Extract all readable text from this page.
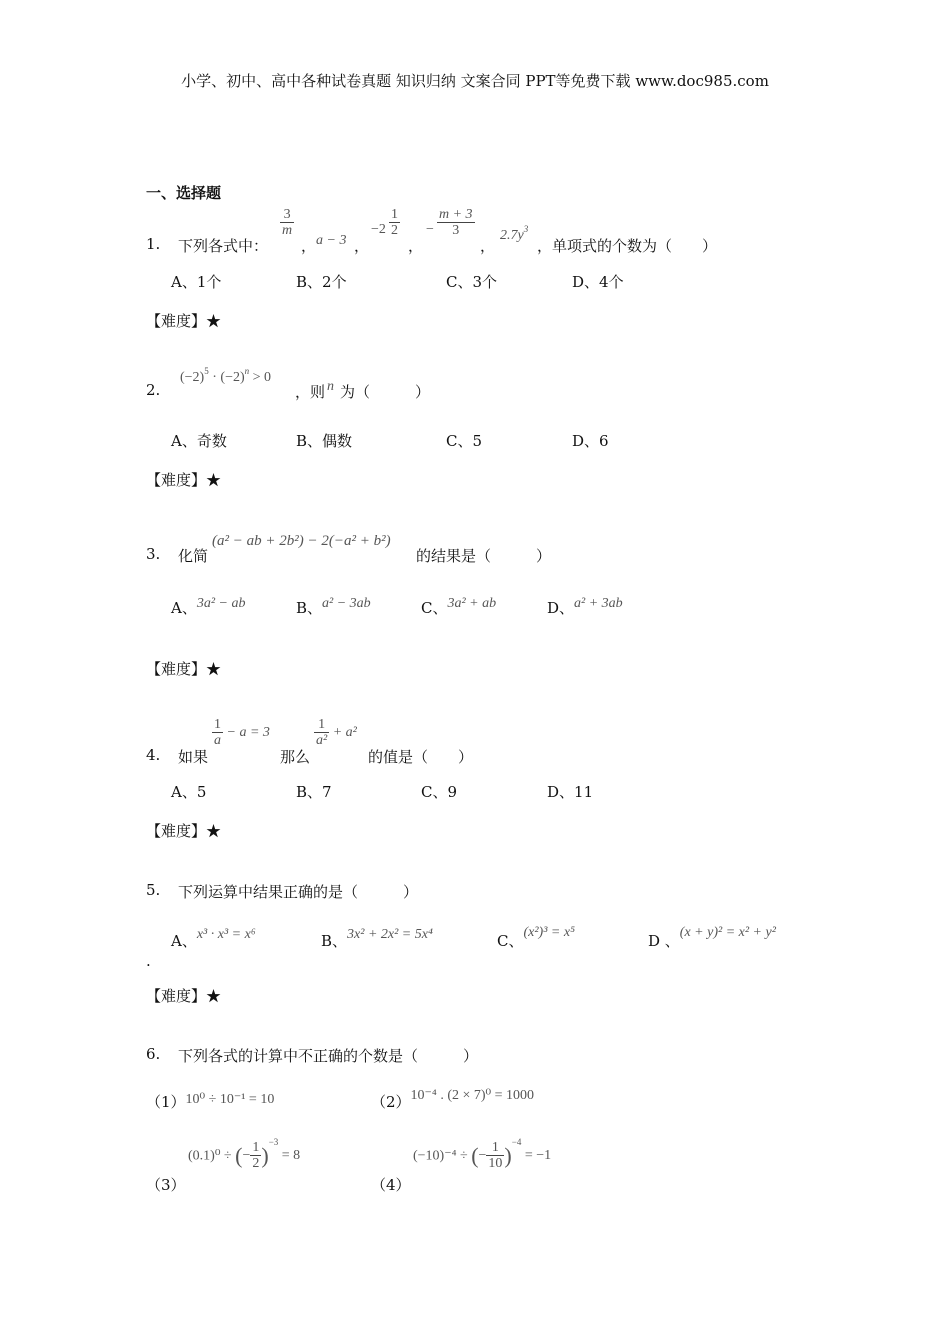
小学、初中、高中各种试卷真题 知识归纳 文案合同 PPT等免费下载 www.doc985.com
一、选择题
1. 下列各式中：
$\frac{3}{m}$
， a − 3 ，
$-2 \frac{1}{2}$
，
− $\frac{m + 3}{3}$
，
$2.7y^3$
，单项式的个数为（　　）
A、1个	B、2个	C、3个	D、4个
【难度】★
2.
$(-2)^5 \cdot (-2)^n > 0$
，则 n 为（　　　）
A、奇数	B、偶数	C、5	D、6
【难度】★
3. 化简
(a² − ab + 2b²) − 2(−a² + b²)
的结果是（　　　）
A、3a² − ab	B、a² − 3ab	C、3a² + ab	D、a² + 3ab
【难度】★
4. 如果
$\frac{1}{a} - a = 3$
那么
$\frac{1}{\text{a²}} + a^2$
的值是（　　）
A、5	B、7	C、9	D、11
【难度】★
5. 下列运算中结果正确的是（　　　）
A、x³ · x³ = x⁶	B、3x² + 2x² = 5x⁴	C、(x²)³ = x⁵	D 、(x + y)² = x² + y²
.
【难度】★
6. 下列各式的计算中不正确的个数是（　　　）
（1）10⁰ ÷ 10⁻¹ = 10	（2）10⁻⁴ . (2 × 7)⁰ = 1000
（3）
(0.1)⁰ ÷ (− $\frac{1}{2} )^{-3} = 8$
（4）
(−10)⁻⁴ ÷ (− $\frac{1}{10} )^{-4} = -1$
